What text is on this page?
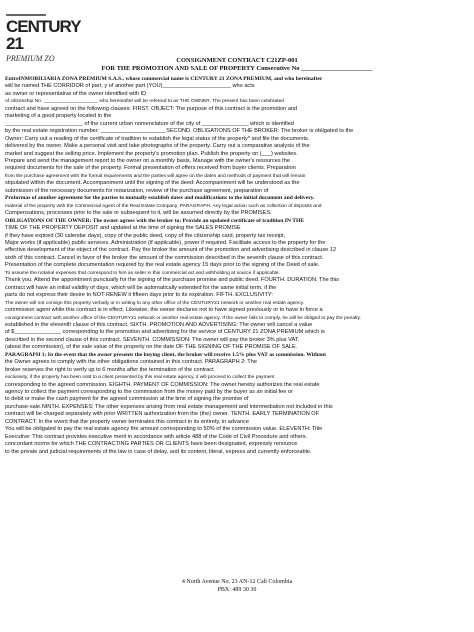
CENTURY 21
PREMIUM ZO	CONSIGNMENT CONTRACT C21ZP-001
FOR THE PROMOTION AND SALE OF PROPERTY Consecutive No ______________________

EntreINMOBILIARIA ZONA PREMIUM S.A.S., whose commercial name is CENTURY 21 ZONA PREMIUM, and who hereinafter

will be named THE CORRIDOR of part, y of another part (YOU)______________________ who acts

as owner or representative of the owner identified with ID

of citizenship No. ____________________ who hereinafter will be referred to as THE OWNER. The present has been celebrated

contract and have agreed on the following clauses: FIRST. OBJECT: The purpose of this contract is the promotion and

marketing of a good property located in the

_________________________ of the current urban nomenclature of the city of _______________ which is identified

by the real estate registration number: _____________________SECOND. OBLIGATIONS OF THE BROKER: The broker is obligated to the

Owner: Carry out a reading of the certificate of tradition to establish the legal status of the property* and file the documents.

delivered by the owner. Make a personal visit and take photographs of the property. Carry out a comparative analysis of the

market and suggest the selling price. Implement the property's promotion plan. Publish the property on (___) websites.

Prepare and send the management report to the owner on a monthly basis. Manage with the owner's resources the

required documents for the sale of the property. Formal presentation of offers received from buyer clients. Preparation

from the purchase agreement with the formal requirements and the parties will agree on the dates and methods of payment that will remain

stipulated within the document. Accompaniment until the signing of the deed: Accompaniment will be understood as the

submission of the necessary documents for notarization, review of the purchase agreement, preparation of

Proformas of another agreement for the parties to mutually establish dates and modifications to the initial document and delivery.

material of the property with the Commercial Agent of the Real Estate Company. PARAGRAPH. Any legal action such as collection of deposits and

Compensations, processes prior to the sale or subsequent to it, will be assumed directly by the PROMISES.

OBLIGATIONS OF THE OWNER: The owner agrees with the broker to: Provide an updated certificate of tradition IN THE

TIME OF THE PROPERTY DEPOSIT and updated at the time of signing the SALES PROMISE

if they have expired (30 calendar days), copy of the public deed, copy of the citizenship card, property tax receipt,

Major works (if applicable) public services, Administration (if applicable), power if required. Facilitate access to the property for the

effective development of the object of the contract. Pay the broker the amount of the promotion and advertising described in clause 12

sixth of this contract. Cancel in favor of the broker the amount of the commission described in the seventh clause of this contract.

Presentation of the complete documentation required by the real estate agency 15 days prior to the signing of the Deed of sale.

To assume the notarial expenses that correspond to him as seller in this commercial act and withholding at source if applicable.

Thank you. Attend the appointment punctually for the signing of the purchase promise and public deed. FOURTH. DURATION: The this

contract will have an initial validity of days, which will be automatically extended for the same initial term, if the

parts do not express their desire to NOT RENEW it fifteen days prior to its expiration. FIFTH. EXCLUSIVITY:

The owner will not consign this property verbally or in writing to any other office of the CENTURY21 network or another real estate agency.

commission agent while this contract is in effect. Likewise, the owner declares not to have signed previously or to have in force a

consignment contract with another office of the CENTURY21 network or another real estate agency. If the owner fails to comply, he will be obliged to pay the penalty.

established in the eleventh clause of this contract. SIXTH. PROMOTION AND ADVERTISING: The owner will cancel a value

of $_______________ corresponding to the promotion and advertising for the service of CENTURY 21 ZONA PREMIUM which is

described in the second clause of this contract. SEVENTH. COMMISSION: The owner will pay the broker 3% plus VAT.

(about the commission), of the sale value of the property on the date OF THE SIGNING OF THE PROMISE OF SALE.

PARAGRAPH 1: In the event that the owner presents the buying client, the broker will receive 1.5% plus VAT as commission. Without

the Owner agrees to comply with the other obligations contained in this contract. PARAGRAPH 2: The

broker reserves the right to verify up to 6 months after the termination of the contract

exclusivity, if the property has been sold to a client presented by this real estate agency, it will proceed to collect the payment

corresponding to the agreed commission. EIGHTH. PAYMENT OF COMMISSION: The owner hereby authorizes the real estate

agency to collect the payment corresponding to the commission from the money paid by the buyer as an initial fee or

to debit or make the cash payment for the agreed commission at the time of signing the promise of

purchase-sale.NINTH. EXPENSES: The other expenses arising from real estate management and intermediation not included in this

contract will be charged separately with prior WRITTEN authorization from the (the) owner. TENTH. EARLY TERMINATION OF

CONTRACT: In the event that the property owner terminates this contract in its entirety, in advance

You will be obligated to pay the real estate agency the amount corresponding to 50% of the commission value. ELEVENTH: Title

Executive: This contract provides executive merit in accordance with article 488 of the Code of Civil Procedure and others.

concordant norms for which THE CONTRACTING PARTIES OR CLIENTS have been designated, expressly renounce

to the private and judicial requirements of the law in case of delay, and its content, literal, express and currently enforceable.

4 North Avenue No. 23 AN-12 Cali Colombia
PBX: 489 30 30
